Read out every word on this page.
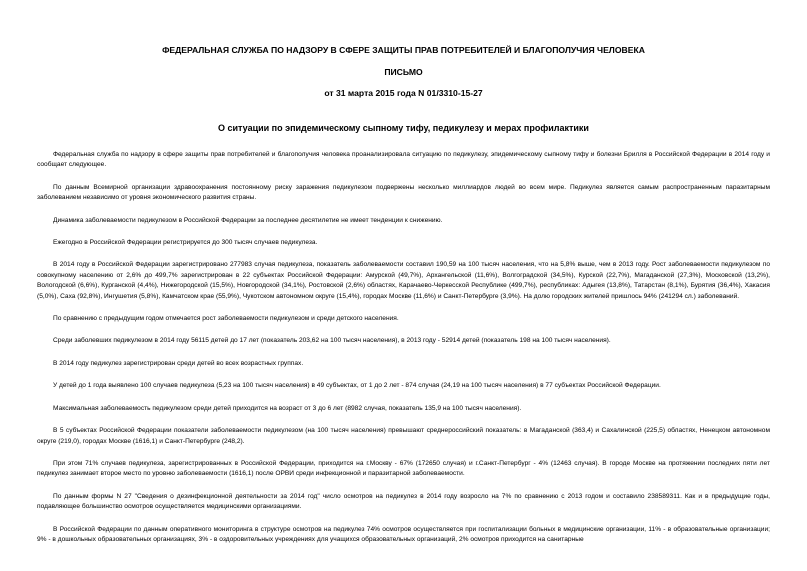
ФЕДЕРАЛЬНАЯ СЛУЖБА ПО НАДЗОРУ В СФЕРЕ ЗАЩИТЫ ПРАВ ПОТРЕБИТЕЛЕЙ И БЛАГОПОЛУЧИЯ ЧЕЛОВЕКА
ПИСЬМО
от 31 марта 2015 года N 01/3310-15-27
О ситуации по эпидемическому сыпному тифу, педикулезу и мерах профилактики

Федеральная служба по надзору в сфере защиты прав потребителей и благополучия человека проанализировала ситуацию по педикулезу, эпидемическому сыпному тифу и болезни Брилля в Российской Федерации в 2014 году и сообщает следующее.

По данным Всемирной организации здравоохранения постоянному риску заражения педикулезом подвержены несколько миллиардов людей во всем мире. Педикулез является самым распространенным паразитарным заболеванием независимо от уровня экономического развития страны.

Динамика заболеваемости педикулезом в Российской Федерации за последнее десятилетие не имеет тенденции к снижению.

Ежегодно в Российской Федерации регистрируется до 300 тысяч случаев педикулеза.

В 2014 году в Российской Федерации зарегистрировано 277983 случая педикулеза, показатель заболеваемости составил 190,59 на 100 тысяч населения, что на 5,8% выше, чем в 2013 году. Рост заболеваемости педикулезом по совокупному населению от 2,6% до 499,7% зарегистрирован в 22 субъектах Российской Федерации: Амурской (49,7%), Архангельской (11,6%), Волгоградской (34,5%), Курской (22,7%), Магаданской (27,3%), Московской (13,2%), Вологодской (6,6%), Курганской (4,4%), Нижегородской (15,5%), Новгородской (34,1%), Ростовской (2,6%) областях, Карачаево-Черкесской Республике (499,7%), республиках: Адыгея (13,8%), Татарстан (8,1%), Бурятия (36,4%), Хакасия (5,0%), Саха (92,8%), Ингушетия (5,8%), Камчатском крае (55,9%), Чукотском автономном округе (15,4%), городах Москве (11,6%) и Санкт-Петербурге (3,9%). На долю городских жителей пришлось 94% (241294 сл.) заболеваний.

По сравнению с предыдущим годом отмечается рост заболеваемости педикулезом и среди детского населения.

Среди заболевших педикулезом в 2014 году 56115 детей до 17 лет (показатель 203,62 на 100 тысяч населения), в 2013 году - 52914 детей (показатель 198 на 100 тысяч населения).

В 2014 году педикулез зарегистрирован среди детей во всех возрастных группах.

У детей до 1 года выявлено 100 случаев педикулеза (5,23 на 100 тысяч населения) в 49 субъектах, от 1 до 2 лет - 874 случая (24,19 на 100 тысяч населения) в 77 субъектах Российской Федерации.

Максимальная заболеваемость педикулезом среди детей приходится на возраст от 3 до 6 лет (8982 случая, показатель 135,9 на 100 тысяч населения).

В 5 субъектах Российской Федерации показатели заболеваемости педикулезом (на 100 тысяч населения) превышают среднероссийский показатель: в Магаданской (363,4) и Сахалинской (225,5) областях, Ненецком автономном округе (219,0), городах Москве (1616,1) и Санкт-Петербурге (248,2).

При этом 71% случаев педикулеза, зарегистрированных в Российской Федерации, приходится на г.Москву - 67% (172650 случая) и г.Санкт-Петербург - 4% (12463 случая). В городе Москве на протяжении последних пяти лет педикулез занимает второе место по уровню заболеваемости (1616,1) после ОРВИ среди инфекционной и паразитарной заболеваемости.

По данным формы N 27 "Сведения о дезинфекционной деятельности за 2014 год" число осмотров на педикулез в 2014 году возросло на 7% по сравнению с 2013 годом и составило 238589311. Как и в предыдущие годы, подавляющее большинство осмотров осуществляется медицинскими организациями.

В Российской Федерации по данным оперативного мониторинга в структуре осмотров на педикулез 74% осмотров осуществляется при госпитализации больных в медицинские организации, 11% - в образовательные организации; 9% - в дошкольных образовательных организациях, 3% - в оздоровительных учреждениях для учащихся образовательных организаций, 2% осмотров приходится на санитарные
